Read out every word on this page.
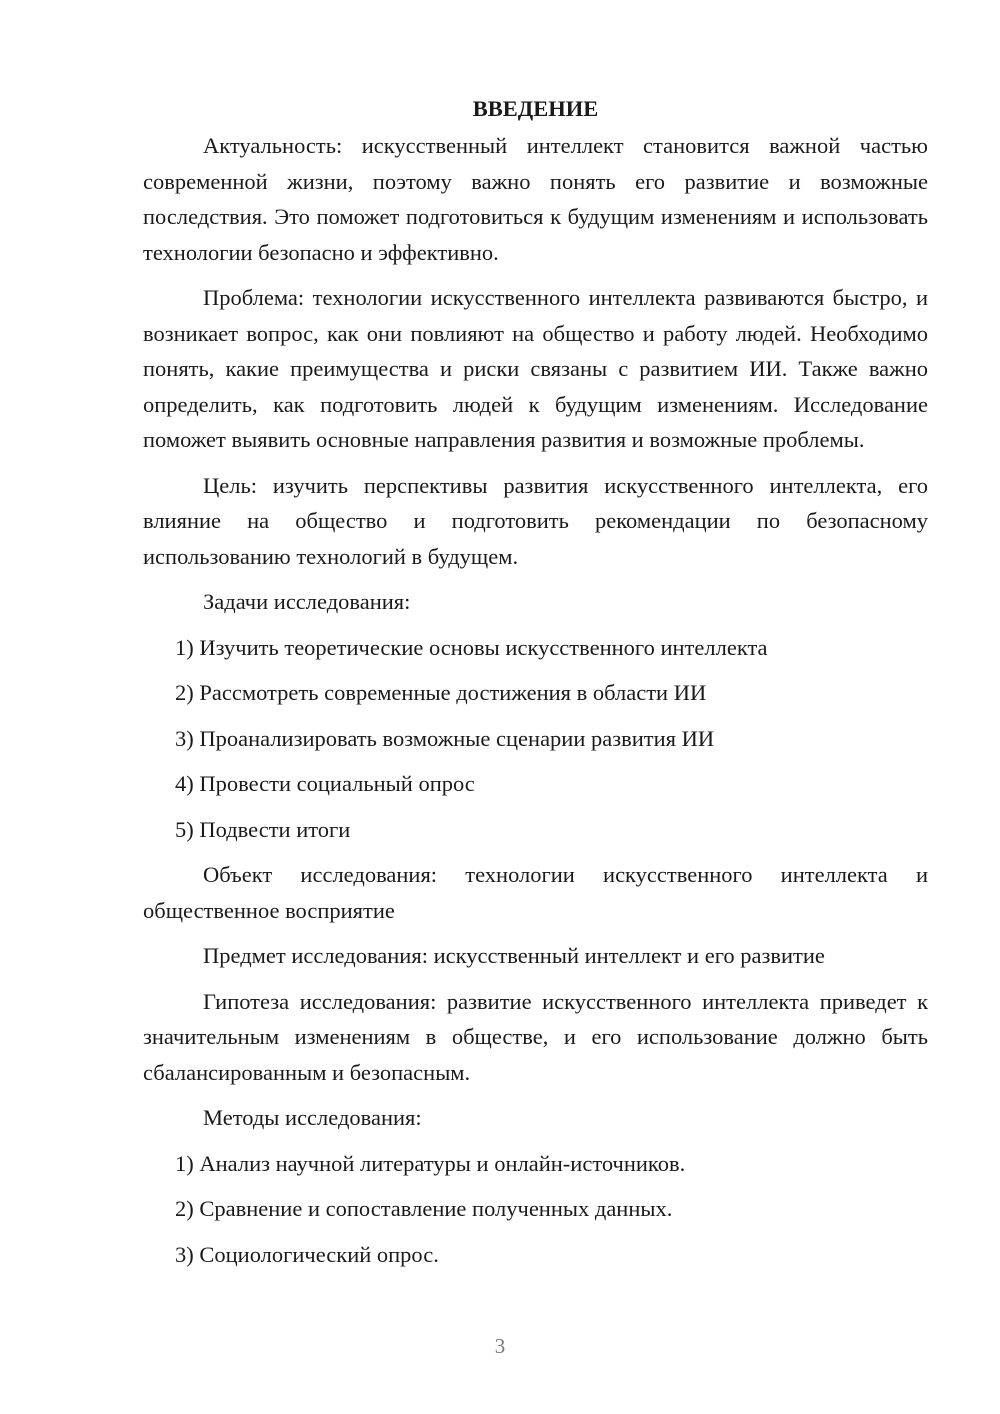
ВВЕДЕНИЕ

Актуальность: искусственный интеллект становится важной частью современной жизни, поэтому важно понять его развитие и возможные последствия. Это поможет подготовиться к будущим изменениям и использовать технологии безопасно и эффективно.

Проблема: технологии искусственного интеллекта развиваются быстро, и возникает вопрос, как они повлияют на общество и работу людей. Необходимо понять, какие преимущества и риски связаны с развитием ИИ. Также важно определить, как подготовить людей к будущим изменениям. Исследование поможет выявить основные направления развития и возможные проблемы.

Цель: изучить перспективы развития искусственного интеллекта, его влияние на общество и подготовить рекомендации по безопасному использованию технологий в будущем.

Задачи исследования:

1) Изучить теоретические основы искусственного интеллекта
2) Рассмотреть современные достижения в области ИИ
3) Проанализировать возможные сценарии развития ИИ
4) Провести социальный опрос
5) Подвести итоги

Объект исследования: технологии искусственного интеллекта и общественное восприятие

Предмет исследования: искусственный интеллект и его развитие

Гипотеза исследования: развитие искусственного интеллекта приведет к значительным изменениям в обществе, и его использование должно быть сбалансированным и безопасным.

Методы исследования:

1) Анализ научной литературы и онлайн-источников.
2) Сравнение и сопоставление полученных данных.
3) Социологический опрос.
3
